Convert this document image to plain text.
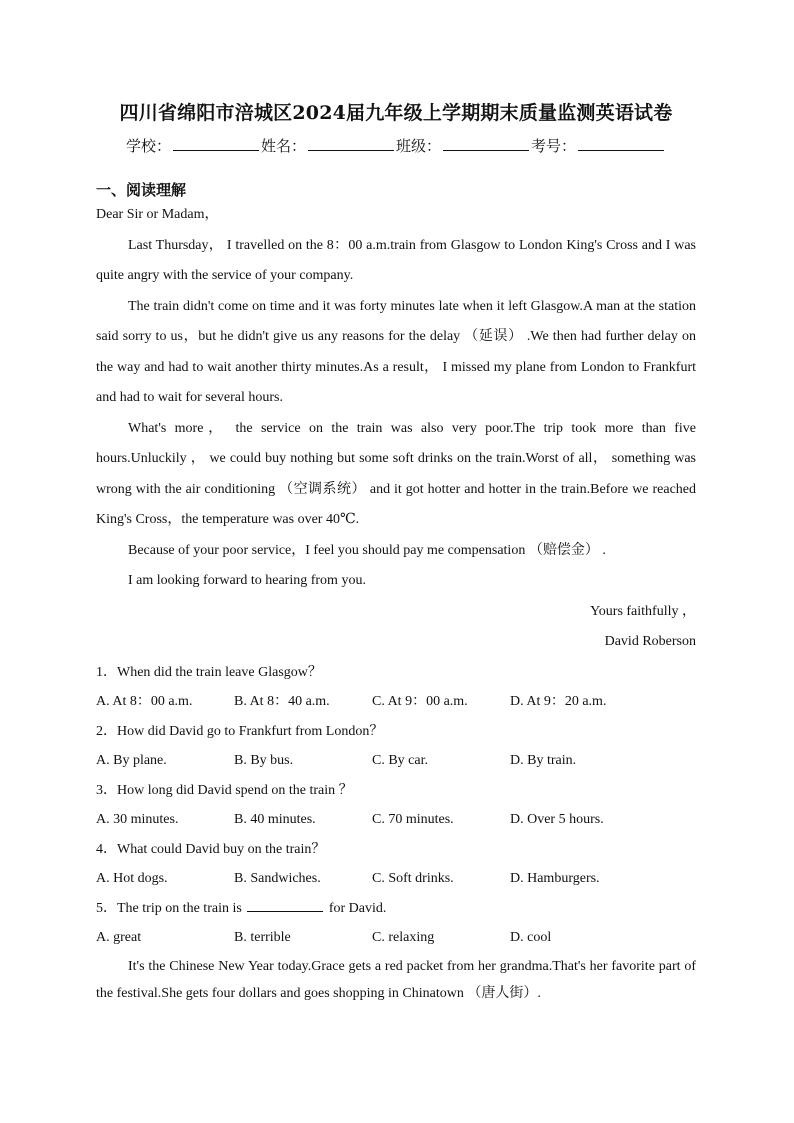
四川省绵阳市涪城区2024届九年级上学期期末质量监测英语试卷
学校：	姓名：	班级：	考号：
一、阅读理解

Dear Sir or Madam，

Last Thursday， I travelled on the 8：00 a.m.train from Glasgow to London King's Cross and I was quite angry with the service of your company.

The train didn't come on time and it was forty minutes late when it left Glasgow.A man at the station said sorry to us，but he didn't give us any reasons for the delay （延误） .We then had further delay on the way and had to wait another thirty minutes.As a result， I missed my plane from London to Frankfurt and had to wait for several hours.

What's more， the service on the train was also very poor.The trip took more than five hours.Unluckily ， we could buy nothing but some soft drinks on the train.Worst of all， something was wrong with the air conditioning （空调系统） and it got hotter and hotter in the train.Before we reached King's Cross，the temperature was over 40℃.

Because of your poor service，I feel you should pay me compensation （赔偿金） .

I am looking forward to hearing from you.

Yours faithfully ，

David Roberson

1．When did the train leave Glasgow？

A. At 8：00 a.m.	B. At 8：40 a.m.	C. At 9：00 a.m.	D. At 9：20 a.m.

2．How did David go to Frankfurt from London？

A. By plane.	B. By bus.	C. By car.	D. By train.

3．How long did David spend on the train ？

A. 30 minutes.	B. 40 minutes.	C. 70 minutes.	D. Over 5 hours.

4．What could David buy on the train？

A. Hot dogs.	B. Sandwiches.	C. Soft drinks.	D. Hamburgers.

5．The trip on the train is	for David.

A. great	B. terrible	C. relaxing	D. cool

It's the Chinese New Year today.Grace gets a red packet from her grandma.That's her favorite part of the festival.She gets four dollars and goes shopping in Chinatown （唐人街）.
